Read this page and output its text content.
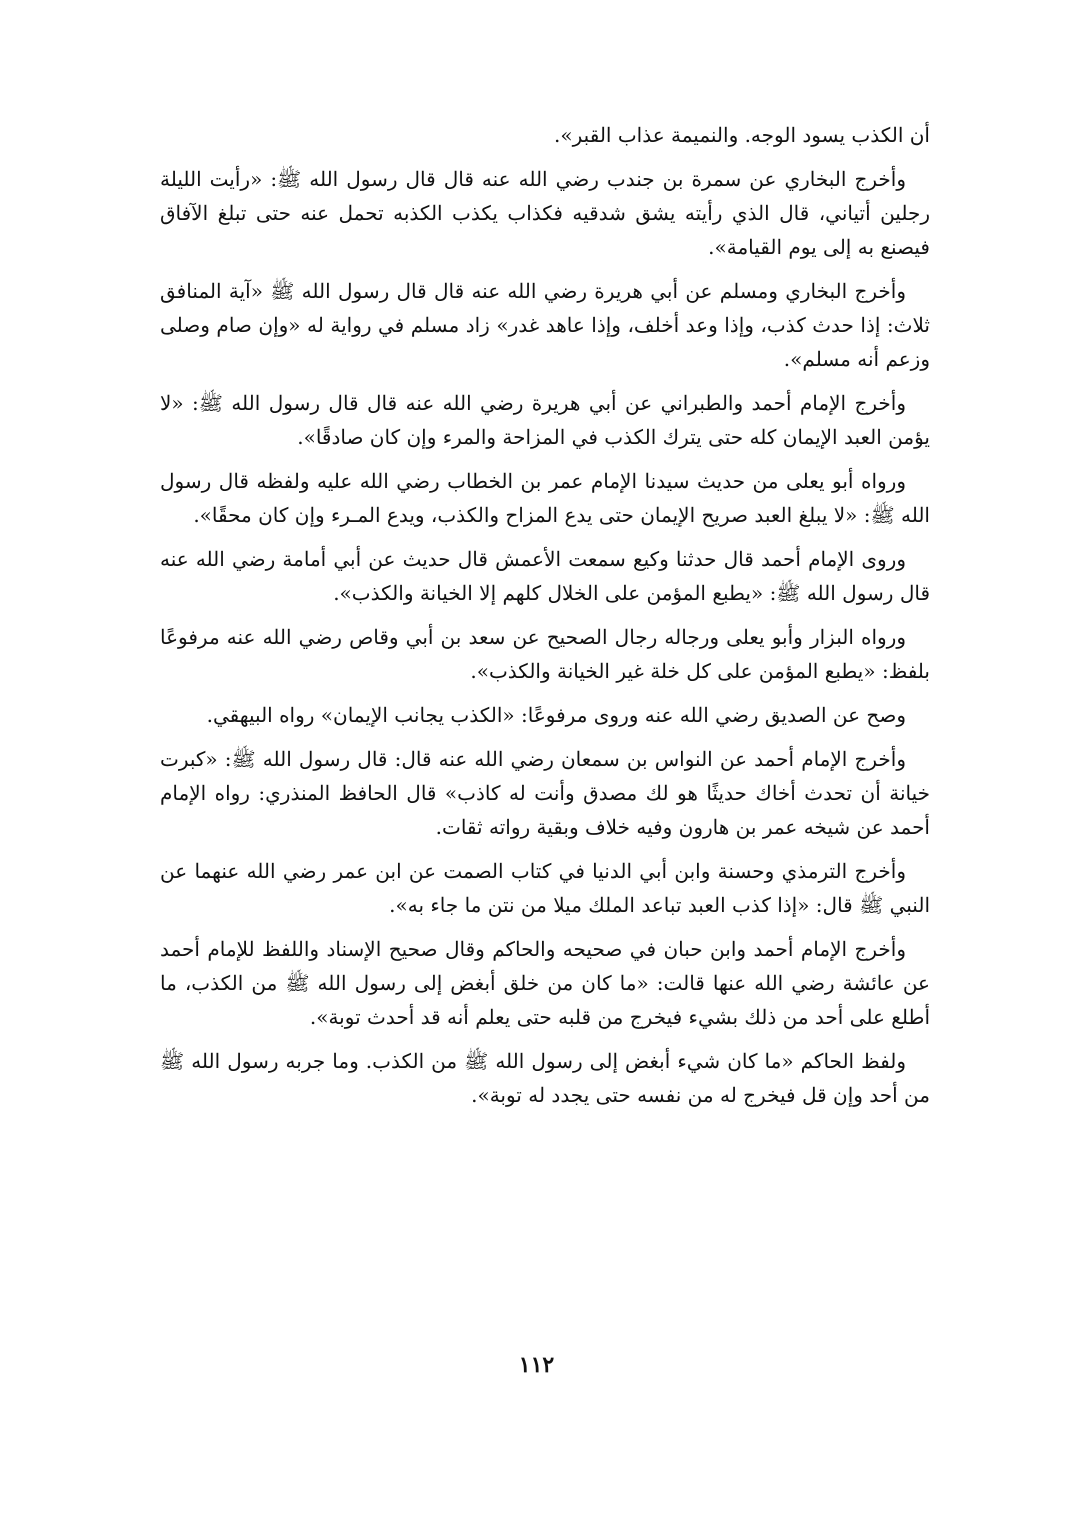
أن الكذب يسود الوجه. والنميمة عذاب القبر».

وأخرج البخاري عن سمرة بن جندب رضي الله عنه قال قال رسول الله ﷺ: «رأيت الليلة رجلين أتياني، قال الذي رأيته يشق شدقيه فكذاب يكذب الكذبه تحمل عنه حتى تبلغ الآفاق فيصنع به إلى يوم القيامة».

وأخرج البخاري ومسلم عن أبي هريرة رضي الله عنه قال قال رسول الله ﷺ «آية المنافق ثلاث: إذا حدث كذب، وإذا وعد أخلف، وإذا عاهد غدر» زاد مسلم في رواية له «وإن صام وصلى وزعم أنه مسلم».

وأخرج الإمام أحمد والطبراني عن أبي هريرة رضي الله عنه قال قال رسول الله ﷺ: «لا يؤمن العبد الإيمان كله حتى يترك الكذب في المزاحة والمرء وإن كان صادقًا».

ورواه أبو يعلى من حديث سيدنا الإمام عمر بن الخطاب رضي الله عليه ولفظه قال رسول الله ﷺ: «لا يبلغ العبد صريح الإيمان حتى يدع المزاح والكذب، ويدع المـرء وإن كان محقًا».

وروى الإمام أحمد قال حدثنا وكيع سمعت الأعمش قال حديث عن أبي أمامة رضي الله عنه قال رسول الله ﷺ: «يطبع المؤمن على الخلال كلهم إلا الخيانة والكذب».

ورواه البزار وأبو يعلى ورجاله رجال الصحيح عن سعد بن أبي وقاص رضي الله عنه مرفوعًا بلفظ: «يطبع المؤمن على كل خلة غير الخيانة والكذب».

وصح عن الصديق رضي الله عنه وروى مرفوعًا: «الكذب يجانب الإيمان» رواه البيهقي.

وأخرج الإمام أحمد عن النواس بن سمعان رضي الله عنه قال: قال رسول الله ﷺ: «كبرت خيانة أن تحدث أخاك حديثًا هو لك مصدق وأنت له كاذب» قال الحافظ المنذري: رواه الإمام أحمد عن شيخه عمر بن هارون وفيه خلاف وبقية رواته ثقات.

وأخرج الترمذي وحسنة وابن أبي الدنيا في كتاب الصمت عن ابن عمر رضي الله عنهما عن النبي ﷺ قال: «إذا كذب العبد تباعد الملك ميلا من نتن ما جاء به».

وأخرج الإمام أحمد وابن حبان في صحيحه والحاكم وقال صحيح الإسناد واللفظ للإمام أحمد عن عائشة رضي الله عنها قالت: «ما كان من خلق أبغض إلى رسول الله ﷺ من الكذب، ما أطلع على أحد من ذلك بشيء فيخرج من قلبه حتى يعلم أنه قد أحدث توبة».

ولفظ الحاكم «ما كان شيء أبغض إلى رسول الله ﷺ من الكذب. وما جربه رسول الله ﷺ من أحد وإن قل فيخرج له من نفسه حتى يجدد له توبة».

١١٢
